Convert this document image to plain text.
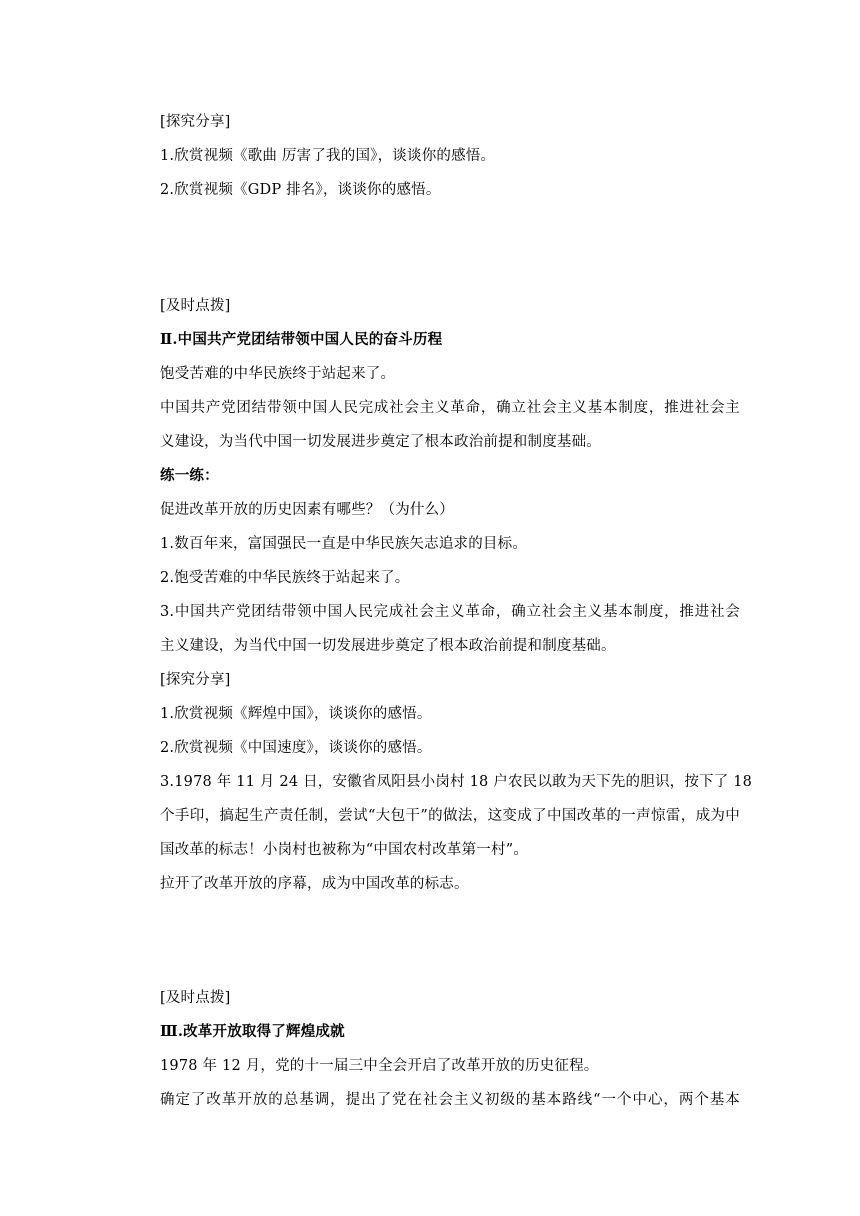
[探究分享]
1.欣赏视频《歌曲 厉害了我的国》，谈谈你的感悟。
2.欣赏视频《GDP 排名》，谈谈你的感悟。
[及时点拨]
Ⅱ.中国共产党团结带领中国人民的奋斗历程
饱受苦难的中华民族终于站起来了。
中国共产党团结带领中国人民完成社会主义革命，确立社会主义基本制度，推进社会主
义建设，为当代中国一切发展进步奠定了根本政治前提和制度基础。
练一练：
促进改革开放的历史因素有哪些？（为什么）
1.数百年来，富国强民一直是中华民族矢志追求的目标。
2.饱受苦难的中华民族终于站起来了。
3.中国共产党团结带领中国人民完成社会主义革命，确立社会主义基本制度，推进社会
主义建设，为当代中国一切发展进步奠定了根本政治前提和制度基础。
[探究分享]
1.欣赏视频《辉煌中国》，谈谈你的感悟。
2.欣赏视频《中国速度》，谈谈你的感悟。
3.1978 年 11 月 24 日，安徽省凤阳县小岗村 18 户农民以敢为天下先的胆识，按下了 18
个手印，搞起生产责任制，尝试“大包干”的做法，这变成了中国改革的一声惊雷，成为中
国改革的标志！小岗村也被称为“中国农村改革第一村”。
拉开了改革开放的序幕，成为中国改革的标志。
[及时点拨]
Ⅲ.改革开放取得了辉煌成就
1978 年 12 月，党的十一届三中全会开启了改革开放的历史征程。
确定了改革开放的总基调，提出了党在社会主义初级的基本路线“一个中心，两个基本
